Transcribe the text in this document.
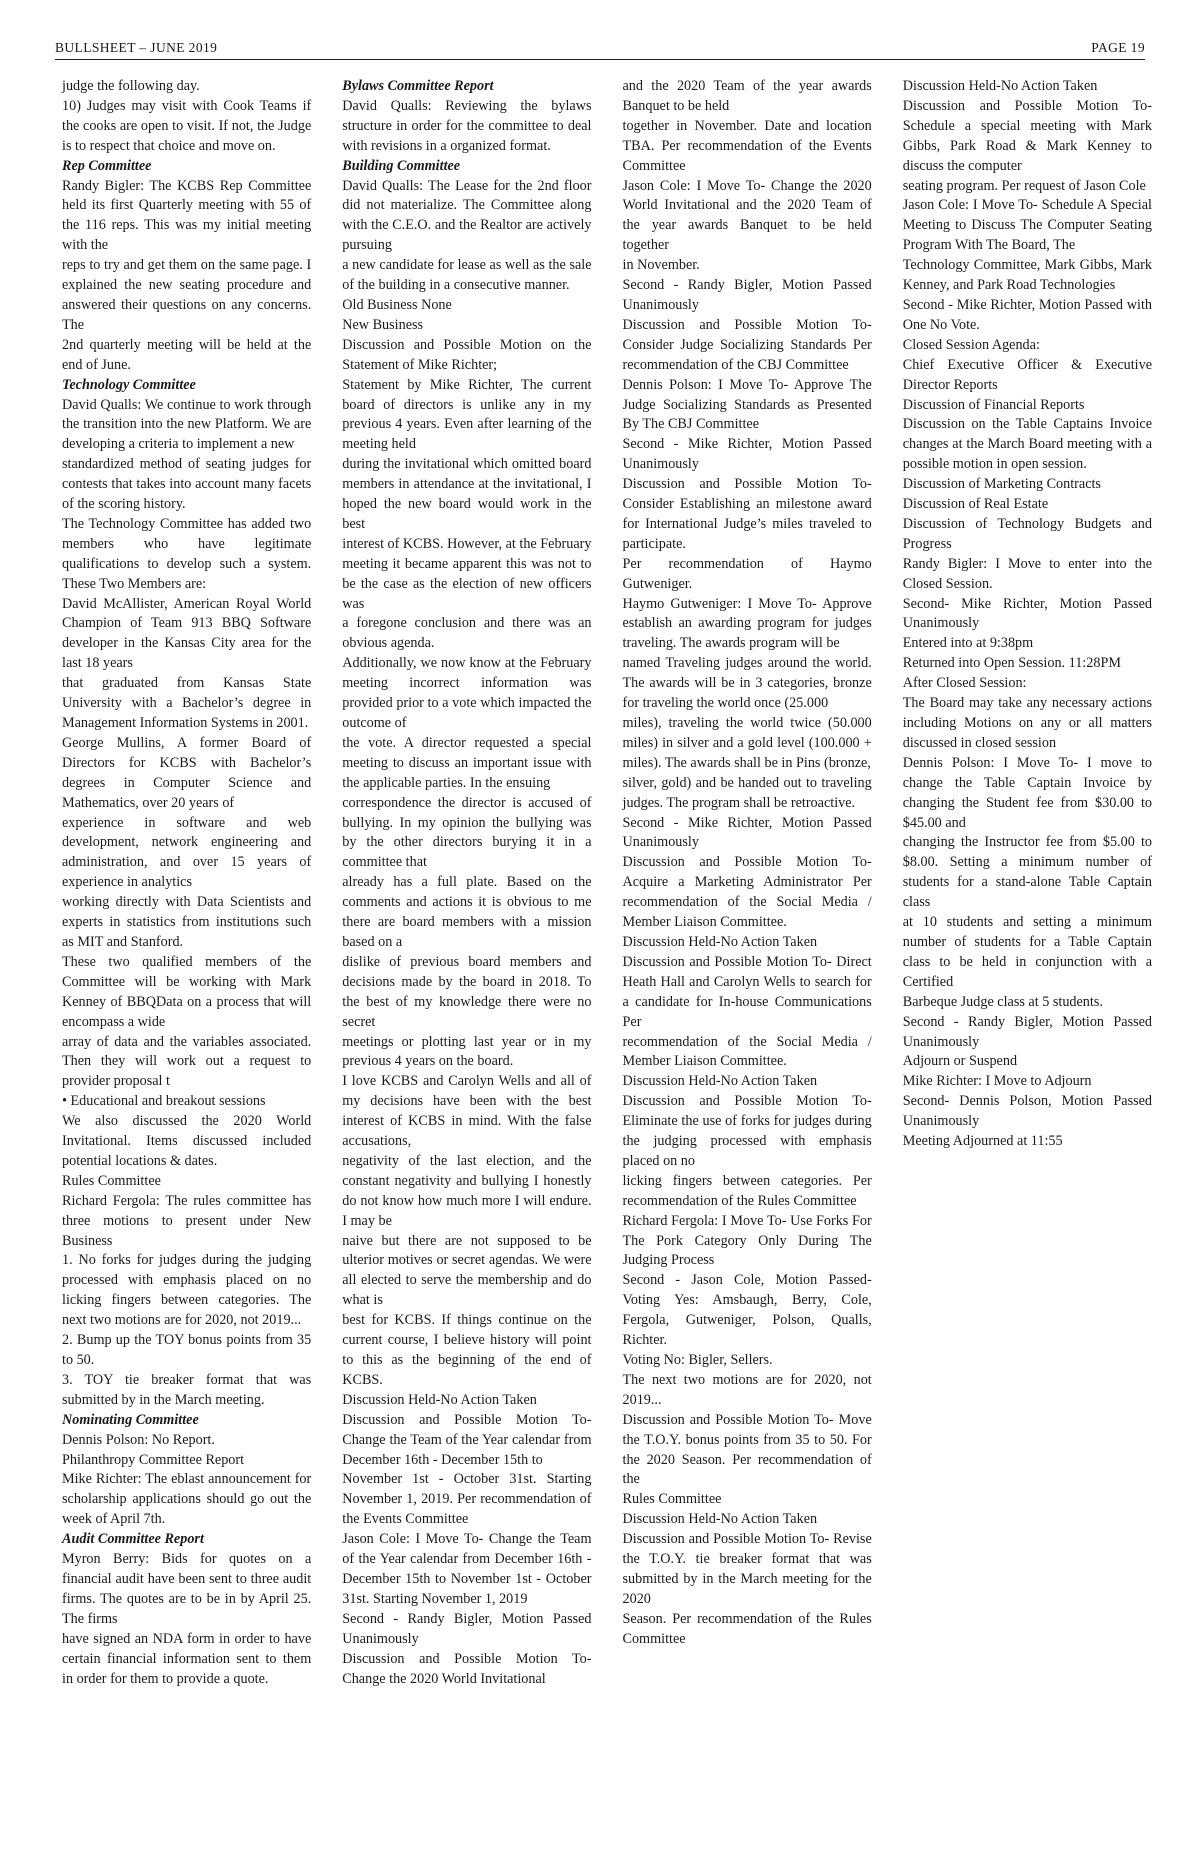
BULLSHEET – JUNE 2019	PAGE 19

judge the following day.

10) Judges may visit with Cook Teams if the cooks are open to visit. If not, the Judge is to respect that choice and move on.

Rep Committee

Randy Bigler: The KCBS Rep Committee held its first Quarterly meeting with 55 of the 116 reps. This was my initial meeting with the

reps to try and get them on the same page. I explained the new seating procedure and answered their questions on any concerns. The

2nd quarterly meeting will be held at the end of June.

Technology Committee

David Qualls: We continue to work through the transition into the new Platform. We are developing a criteria to implement a new

standardized method of seating judges for contests that takes into account many facets of the scoring history.

The Technology Committee has added two members who have legitimate qualifications to develop such a system. These Two Members are:

David McAllister, American Royal World Champion of Team 913 BBQ Software developer in the Kansas City area for the last 18 years

that graduated from Kansas State University with a Bachelor’s degree in Management Information Systems in 2001.

George Mullins, A former Board of Directors for KCBS with Bachelor’s degrees in Computer Science and Mathematics, over 20 years of

experience in software and web development, network engineering and administration, and over 15 years of experience in analytics

working directly with Data Scientists and experts in statistics from institutions such as MIT and Stanford.

These two qualified members of the Committee will be working with Mark Kenney of BBQData on a process that will encompass a wide

array of data and the variables associated. Then they will work out a request to provider proposal t

• Educational and breakout sessions

We also discussed the 2020 World Invitational. Items discussed included potential locations & dates.

Rules Committee

Richard Fergola: The rules committee has three motions to present under New Business

1. No forks for judges during the judging processed with emphasis placed on no licking fingers between categories. The next two motions are for 2020, not 2019...

2. Bump up the TOY bonus points from 35 to 50.

3. TOY tie breaker format that was submitted by in the March meeting.

Nominating Committee

Dennis Polson: No Report.

Philanthropy Committee Report

Mike Richter: The eblast announcement for scholarship applications should go out the week of April 7th.

Audit Committee Report

Myron Berry: Bids for quotes on a financial audit have been sent to three audit firms. The quotes are to be in by April 25. The firms

have signed an NDA form in order to have certain financial information sent to them in order for them to provide a quote.

Bylaws Committee Report

David Qualls: Reviewing the bylaws structure in order for the committee to deal with revisions in a organized format.

Building Committee

David Qualls: The Lease for the 2nd floor did not materialize. The Committee along with the C.E.O. and the Realtor are actively pursuing

a new candidate for lease as well as the sale of the building in a consecutive manner.

Old Business None

New Business

Discussion and Possible Motion on the Statement of Mike Richter;

Statement by Mike Richter, The current board of directors is unlike any in my previous 4 years. Even after learning of the meeting held

during the invitational which omitted board members in attendance at the invitational, I hoped the new board would work in the best

interest of KCBS. However, at the February meeting it became apparent this was not to be the case as the election of new officers was

a foregone conclusion and there was an obvious agenda.

Additionally, we now know at the February meeting incorrect information was provided prior to a vote which impacted the outcome of

the vote. A director requested a special meeting to discuss an important issue with the applicable parties. In the ensuing

correspondence the director is accused of bullying. In my opinion the bullying was by the other directors burying it in a committee that

already has a full plate. Based on the comments and actions it is obvious to me there are board members with a mission based on a

dislike of previous board members and decisions made by the board in 2018. To the best of my knowledge there were no secret

meetings or plotting last year or in my previous 4 years on the board.

I love KCBS and Carolyn Wells and all of my decisions have been with the best interest of KCBS in mind. With the false accusations,

negativity of the last election, and the constant negativity and bullying I honestly do not know how much more I will endure. I may be

naive but there are not supposed to be ulterior motives or secret agendas. We were all elected to serve the membership and do what is

best for KCBS. If things continue on the current course, I believe history will point to this as the beginning of the end of KCBS.

Discussion Held-No Action Taken

Discussion and Possible Motion To- Change the Team of the Year calendar from December 16th - December 15th to

November 1st - October 31st. Starting November 1, 2019. Per recommendation of the Events Committee

Jason Cole: I Move To- Change the Team of the Year calendar from December 16th - December 15th to November 1st - October 31st. Starting November 1, 2019

Second - Randy Bigler, Motion Passed Unanimously

Discussion and Possible Motion To- Change the 2020 World Invitational

and the 2020 Team of the year awards Banquet to be held

together in November. Date and location TBA. Per recommendation of the Events Committee

Jason Cole: I Move To- Change the 2020 World Invitational and the 2020 Team of the year awards Banquet to be held together

in November.

Second - Randy Bigler, Motion Passed Unanimously

Discussion and Possible Motion To- Consider Judge Socializing Standards Per recommendation of the CBJ Committee

Dennis Polson: I Move To- Approve The Judge Socializing Standards as Presented By The CBJ Committee

Second - Mike Richter, Motion Passed Unanimously

Discussion and Possible Motion To- Consider Establishing an milestone award for International Judge’s miles traveled to participate.

Per recommendation of Haymo Gutweniger.

Haymo Gutweniger: I Move To- Approve establish an awarding program for judges traveling. The awards program will be

named Traveling judges around the world. The awards will be in 3 categories, bronze for traveling the world once (25.000

miles), traveling the world twice (50.000 miles) in silver and a gold level (100.000 + miles). The awards shall be in Pins (bronze,

silver, gold) and be handed out to traveling judges. The program shall be retroactive.

Second - Mike Richter, Motion Passed Unanimously

Discussion and Possible Motion To- Acquire a Marketing Administrator Per recommendation of the Social Media / Member Liaison Committee.

Discussion Held-No Action Taken

Discussion and Possible Motion To- Direct Heath Hall and Carolyn Wells to search for a candidate for In-house Communications Per

recommendation of the Social Media / Member Liaison Committee.

Discussion Held-No Action Taken

Discussion and Possible Motion To- Eliminate the use of forks for judges during the judging processed with emphasis placed on no

licking fingers between categories. Per recommendation of the Rules Committee

Richard Fergola: I Move To- Use Forks For The Pork Category Only During The Judging Process

Second - Jason Cole, Motion Passed- Voting Yes: Amsbaugh, Berry, Cole, Fergola, Gutweniger, Polson, Qualls, Richter.

Voting No: Bigler, Sellers.

The next two motions are for 2020, not 2019...

Discussion and Possible Motion To- Move the T.O.Y. bonus points from 35 to 50. For the 2020 Season. Per recommendation of the

Rules Committee

Discussion Held-No Action Taken

Discussion and Possible Motion To- Revise the T.O.Y. tie breaker format that was submitted by in the March meeting for the 2020

Season. Per recommendation of the Rules Committee

Discussion Held-No Action Taken

Discussion and Possible Motion To- Schedule a special meeting with Mark Gibbs, Park Road & Mark Kenney to discuss the computer

seating program. Per request of Jason Cole

Jason Cole: I Move To- Schedule A Special Meeting to Discuss The Computer Seating Program With The Board, The

Technology Committee, Mark Gibbs, Mark Kenney, and Park Road Technologies

Second - Mike Richter, Motion Passed with One No Vote.

Closed Session Agenda:

Chief Executive Officer & Executive Director Reports

Discussion of Financial Reports

Discussion on the Table Captains Invoice changes at the March Board meeting with a possible motion in open session.

Discussion of Marketing Contracts

Discussion of Real Estate

Discussion of Technology Budgets and Progress

Randy Bigler: I Move to enter into the Closed Session.

Second- Mike Richter, Motion Passed Unanimously

Entered into at 9:38pm

Returned into Open Session. 11:28PM

After Closed Session:

The Board may take any necessary actions including Motions on any or all matters discussed in closed session

Dennis Polson: I Move To- I move to change the Table Captain Invoice by changing the Student fee from $30.00 to $45.00 and

changing the Instructor fee from $5.00 to $8.00. Setting a minimum number of students for a stand-alone Table Captain class

at 10 students and setting a minimum number of students for a Table Captain class to be held in conjunction with a Certified

Barbeque Judge class at 5 students.

Second - Randy Bigler, Motion Passed Unanimously

Adjourn or Suspend

Mike Richter: I Move to Adjourn

Second- Dennis Polson, Motion Passed Unanimously

Meeting Adjourned at 11:55
